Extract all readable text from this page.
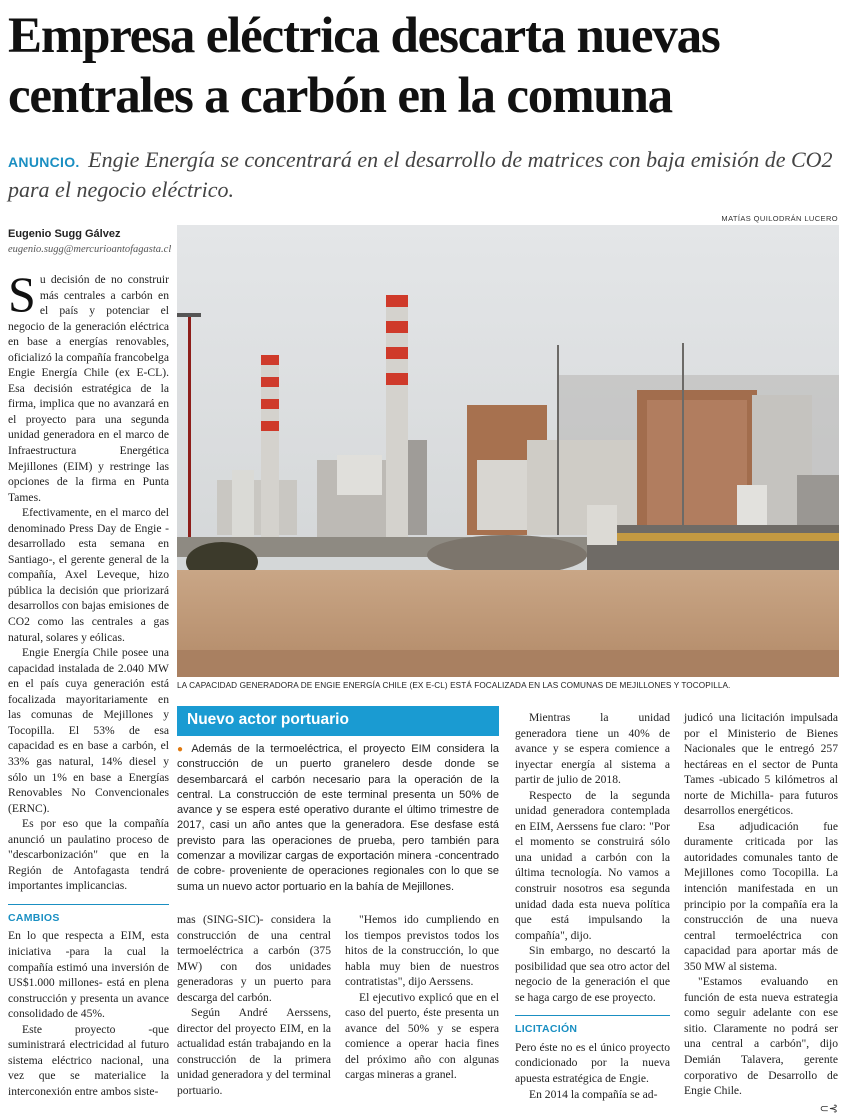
Empresa eléctrica descarta nuevas centrales a carbón en la comuna
ANUNCIO. Engie Energía se concentrará en el desarrollo de matrices con baja emisión de CO2 para el negocio eléctrico.
Eugenio Sugg Gálvez
eugenio.sugg@mercurioantofagasta.cl
MATÍAS QUILODRÁN LUCERO
LA CAPACIDAD GENERADORA DE ENGIE ENERGÍA CHILE (EX E-CL) ESTÁ FOCALIZADA EN LAS COMUNAS DE MEJILLONES Y TOCOPILLA.

Su decisión de no construir más centrales a carbón en el país y potenciar el negocio de la generación eléctrica en base a energías renovables, oficializó la compañía francobelga Engie Energía Chile (ex E-CL). Esa decisión estratégica de la firma, implica que no avanzará en el proyecto para una segunda unidad generadora en el marco de Infraestructura Energética Mejillones (EIM) y restringe las opciones de la firma en Punta Tames.

Efectivamente, en el marco del denominado Press Day de Engie -desarrollado esta semana en Santiago-, el gerente general de la compañía, Axel Leveque, hizo pública la decisión que priorizará desarrollos con bajas emisiones de CO2 como las centrales a gas natural, solares y eólicas.

Engie Energía Chile posee una capacidad instalada de 2.040 MW en el país cuya generación está focalizada mayoritariamente en las comunas de Mejillones y Tocopilla. El 53% de esa capacidad es en base a carbón, el 33% gas natural, 14% diesel y sólo un 1% en base a Energías Renovables No Convencionales (ERNC).

Es por eso que la compañía anunció un paulatino proceso de "descarbonización" que en la Región de Antofagasta tendrá importantes implicancias.

CAMBIOS

En lo que respecta a EIM, esta iniciativa -para la cual la compañía estimó una inversión de US$1.000 millones- está en plena construcción y presenta un avance consolidado de 45%.

Este proyecto -que suministrará electricidad al futuro sistema eléctrico nacional, una vez que se materialice la interconexión entre ambos siste-

Nuevo actor portuario
● Además de la termoeléctrica, el proyecto EIM considera la construcción de un puerto granelero desde donde se desembarcará el carbón necesario para la operación de la central. La construcción de este terminal presenta un 50% de avance y se espera esté operativo durante el último trimestre de 2017, casi un año antes que la generadora. Ese desfase está previsto para las operaciones de prueba, pero también para comenzar a movilizar cargas de exportación minera -concentrado de cobre- proveniente de operaciones regionales con lo que se suma un nuevo actor portuario en la bahía de Mejillones.

mas (SING-SIC)- considera la construcción de una central termoeléctrica a carbón (375 MW) con dos unidades generadoras y un puerto para descarga del carbón.

Según André Aerssens, director del proyecto EIM, en la actualidad están trabajando en la construcción de la primera unidad generadora y del terminal portuario.

"Hemos ido cumpliendo en los tiempos previstos todos los hitos de la construcción, lo que habla muy bien de nuestros contratistas", dijo Aerssens.

El ejecutivo explicó que en el caso del puerto, éste presenta un avance del 50% y se espera comience a operar hacia fines del próximo año con algunas cargas mineras a granel.

Mientras la unidad generadora tiene un 40% de avance y se espera comience a inyectar energía al sistema a partir de julio de 2018.

Respecto de la segunda unidad generadora contemplada en EIM, Aerssens fue claro: "Por el momento se construirá sólo una unidad a carbón con la última tecnología. No vamos a construir nosotros esa segunda unidad dada esta nueva política que está impulsando la compañía", dijo.

Sin embargo, no descartó la posibilidad que sea otro actor del negocio de la generación el que se haga cargo de ese proyecto.

LICITACIÓN

Pero éste no es el único proyecto condicionado por la nueva apuesta estratégica de Engie.

En 2014 la compañía se ad-

judicó una licitación impulsada por el Ministerio de Bienes Nacionales que le entregó 257 hectáreas en el sector de Punta Tames -ubicado 5 kilómetros al norte de Michilla- para futuros desarrollos energéticos.

Esa adjudicación fue duramente criticada por las autoridades comunales tanto de Mejillones como Tocopilla. La intención manifestada en un principio por la compañía era la construcción de una nueva central termoeléctrica con capacidad para aportar más de 350 MW al sistema.

"Estamos evaluando en función de esta nueva estrategia como seguir adelante con ese sitio. Claramente no podrá ser una central a carbón", dijo Demián Talavera, gerente corporativo de Desarrollo de Engie Chile.

⊂⊰
